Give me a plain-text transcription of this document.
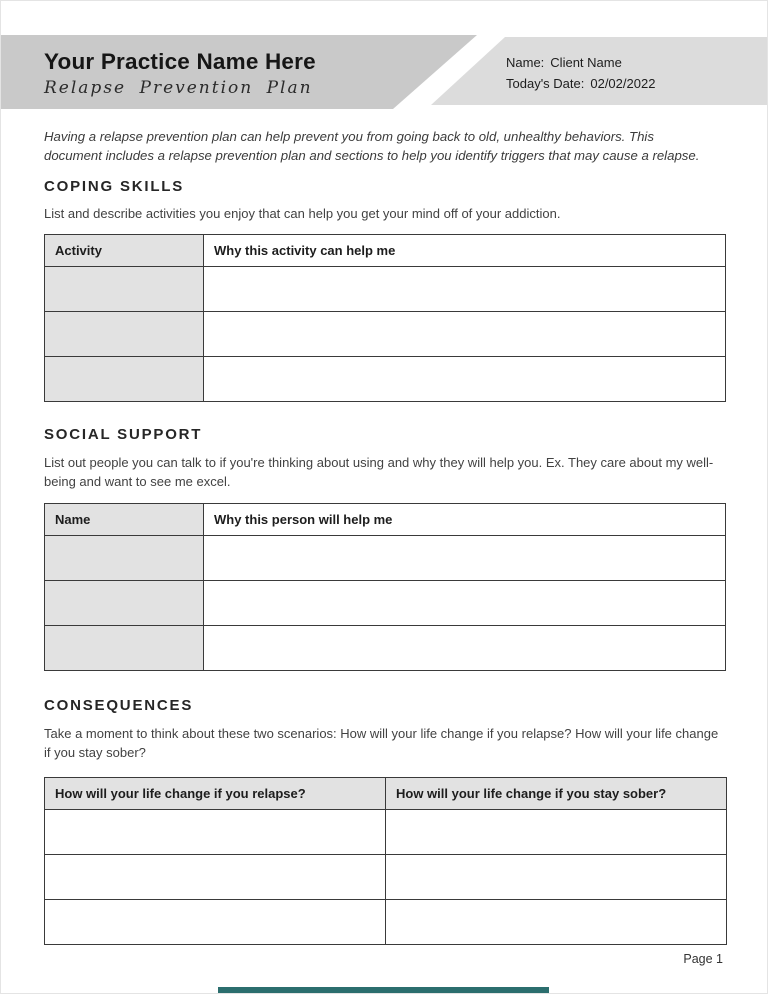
Your Practice Name Here
Relapse Prevention Plan
Name: Client Name
Today's Date: 02/02/2022
Having a relapse prevention plan can help prevent you from going back to old, unhealthy behaviors. This document includes a relapse prevention plan and sections to help you identify triggers that may cause a relapse.
COPING SKILLS
List and describe activities you enjoy that can help you get your mind off of your addiction.
Activity	Why this activity can help me

SOCIAL SUPPORT
List out people you can talk to if you're thinking about using and why they will help you. Ex. They care about my well-being and want to see me excel.
Name	Why this person will help me

CONSEQUENCES
Take a moment to think about these two scenarios: How will your life change if you relapse? How will your life change if you stay sober?
How will your life change if you relapse?	How will your life change if you stay sober?

Page 1
